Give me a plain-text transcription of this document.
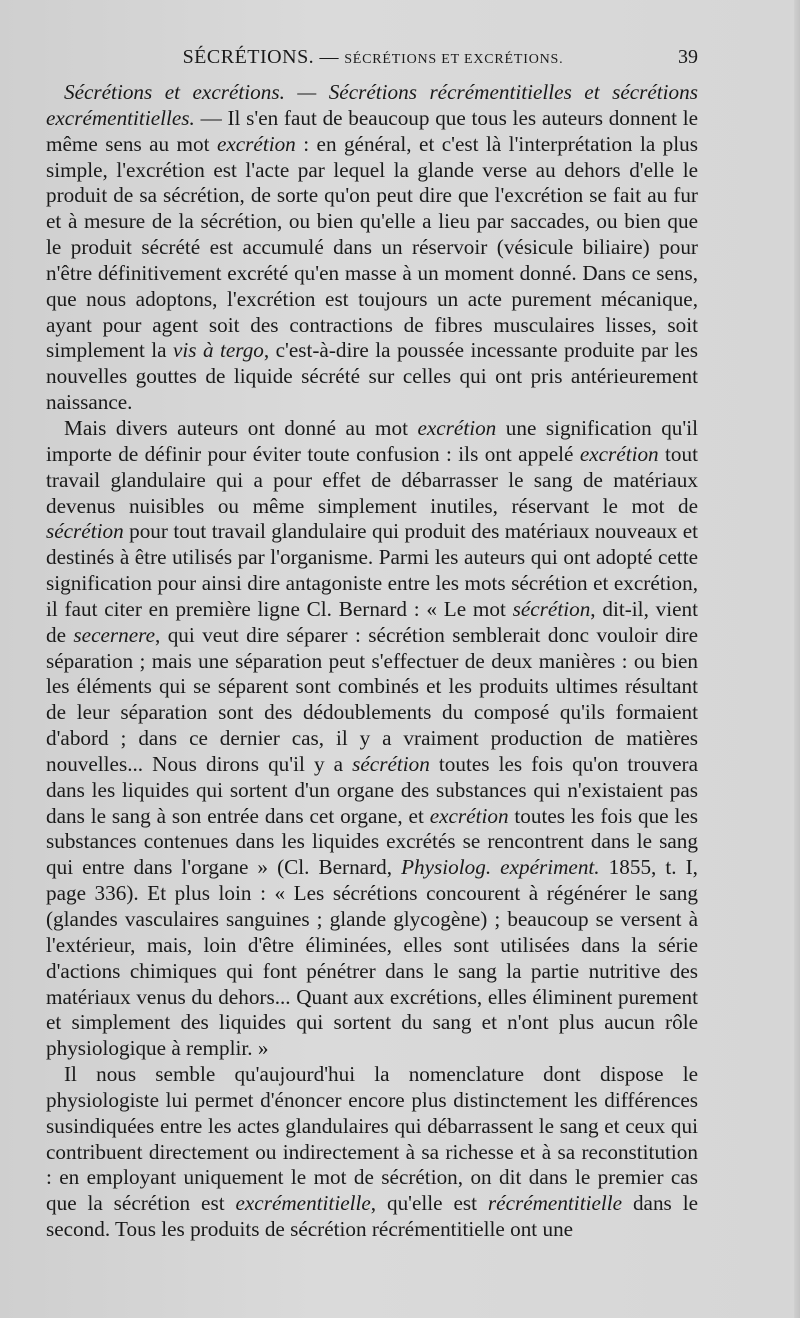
SÉCRÉTIONS. — SÉCRÉTIONS ET EXCRÉTIONS.	39

Sécrétions et excrétions. — Sécrétions récrémentitielles et sécrétions excrémentitielles. — Il s'en faut de beaucoup que tous les auteurs donnent le même sens au mot excrétion : en général, et c'est là l'interprétation la plus simple, l'excrétion est l'acte par lequel la glande verse au dehors d'elle le produit de sa sécrétion, de sorte qu'on peut dire que l'excrétion se fait au fur et à mesure de la sécrétion, ou bien qu'elle a lieu par saccades, ou bien que le produit sécrété est accumulé dans un réservoir (vésicule biliaire) pour n'être définitivement excrété qu'en masse à un moment donné. Dans ce sens, que nous adoptons, l'excrétion est toujours un acte purement mécanique, ayant pour agent soit des contractions de fibres musculaires lisses, soit simplement la vis à tergo, c'est-à-dire la poussée incessante produite par les nouvelles gouttes de liquide sécrété sur celles qui ont pris antérieurement naissance.

Mais divers auteurs ont donné au mot excrétion une signification qu'il importe de définir pour éviter toute confusion : ils ont appelé excrétion tout travail glandulaire qui a pour effet de débarrasser le sang de matériaux devenus nuisibles ou même simplement inutiles, réservant le mot de sécrétion pour tout travail glandulaire qui produit des matériaux nouveaux et destinés à être utilisés par l'organisme. Parmi les auteurs qui ont adopté cette signification pour ainsi dire antagoniste entre les mots sécrétion et excrétion, il faut citer en première ligne Cl. Bernard : « Le mot sécrétion, dit-il, vient de secernere, qui veut dire séparer : sécrétion semblerait donc vouloir dire séparation ; mais une séparation peut s'effectuer de deux manières : ou bien les éléments qui se séparent sont combinés et les produits ultimes résultant de leur séparation sont des dédoublements du composé qu'ils formaient d'abord ; dans ce dernier cas, il y a vraiment production de matières nouvelles... Nous dirons qu'il y a sécrétion toutes les fois qu'on trouvera dans les liquides qui sortent d'un organe des substances qui n'existaient pas dans le sang à son entrée dans cet organe, et excrétion toutes les fois que les substances contenues dans les liquides excrétés se rencontrent dans le sang qui entre dans l'organe » (Cl. Bernard, Physiolog. expériment. 1855, t. I, page 336). Et plus loin : « Les sécrétions concourent à régénérer le sang (glandes vasculaires sanguines ; glande glycogène) ; beaucoup se versent à l'extérieur, mais, loin d'être éliminées, elles sont utilisées dans la série d'actions chimiques qui font pénétrer dans le sang la partie nutritive des matériaux venus du dehors... Quant aux excrétions, elles éliminent purement et simplement des liquides qui sortent du sang et n'ont plus aucun rôle physiologique à remplir. »

Il nous semble qu'aujourd'hui la nomenclature dont dispose le physiologiste lui permet d'énoncer encore plus distinctement les différences susindiquées entre les actes glandulaires qui débarrassent le sang et ceux qui contribuent directement ou indirectement à sa richesse et à sa reconstitution : en employant uniquement le mot de sécrétion, on dit dans le premier cas que la sécrétion est excrémentitielle, qu'elle est récrémentitielle dans le second. Tous les produits de sécrétion récrémentitielle ont une
